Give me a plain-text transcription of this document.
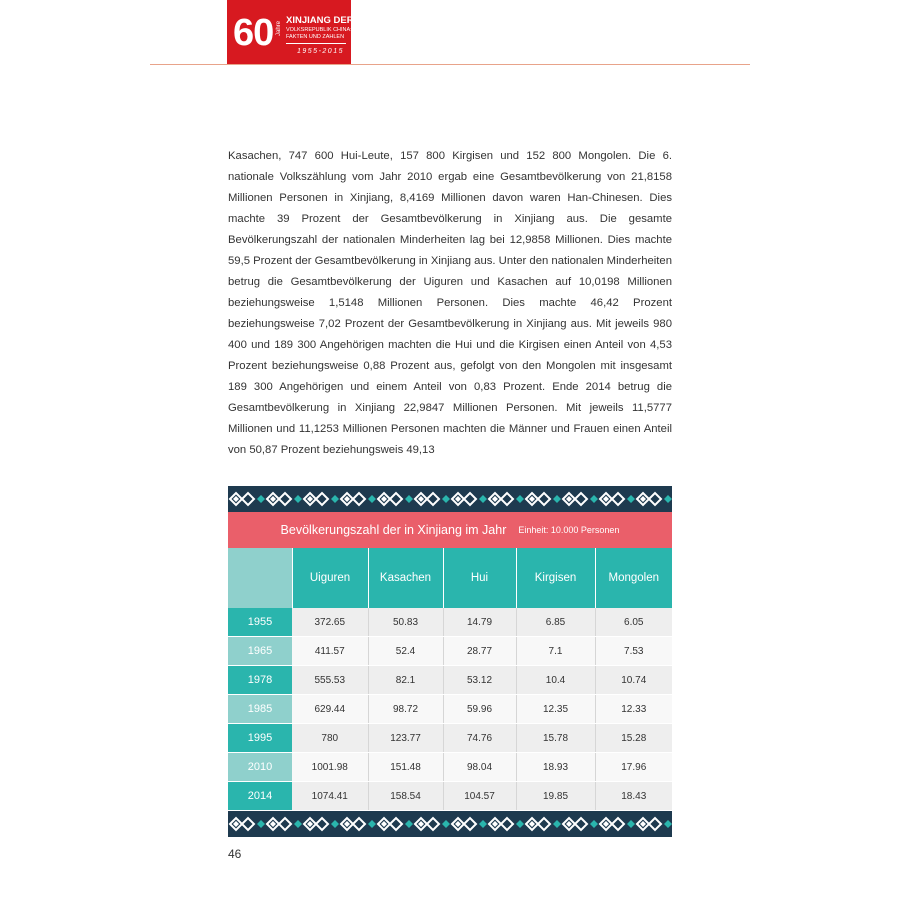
60 Jahre
XINJIANG DER
VOLKSREPUBLIK CHINA:
FAKTEN UND ZAHLEN
1955-2015

Kasachen, 747 600 Hui-Leute, 157 800 Kirgisen und 152 800 Mongolen. Die 6. nationale Volkszählung vom Jahr 2010 ergab eine Gesamtbevölkerung von 21,8158 Millionen Personen in Xinjiang, 8,4169 Millionen davon waren Han-Chinesen. Dies machte 39 Prozent der Gesamtbevölkerung in Xinjiang aus. Die gesamte Bevölkerungszahl der nationalen Minderheiten lag bei 12,9858 Millionen. Dies machte 59,5 Prozent der Gesamtbevölkerung in Xinjiang aus. Unter den nationalen Minderheiten betrug die Gesamtbevölkerung der Uiguren und Kasachen auf 10,0198 Millionen beziehungsweise 1,5148 Millionen Personen. Dies machte 46,42 Prozent beziehungsweise 7,02 Prozent der Gesamtbevölkerung in Xinjiang aus. Mit jeweils 980 400 und 189 300 Angehörigen machten die Hui und die Kirgisen einen Anteil von 4,53 Prozent beziehungsweise 0,88 Prozent aus, gefolgt von den Mongolen mit insgesamt 189 300 Angehörigen und einem Anteil von 0,83 Prozent. Ende 2014 betrug die Gesamtbevölkerung in Xinjiang 22,9847 Millionen Personen. Mit jeweils 11,5777 Millionen und 11,1253 Millionen Personen machten die Männer und Frauen einen Anteil von 50,87 Prozent beziehungsweis 49,13

Bevölkerungszahl der in Xinjiang im Jahr Einheit: 10.000 Personen
	Uiguren	Kasachen	Hui	Kirgisen	Mongolen
1955	372.65	50.83	14.79	6.85	6.05
1965	411.57	52.4	28.77	7.1	7.53
1978	555.53	82.1	53.12	10.4	10.74
1985	629.44	98.72	59.96	12.35	12.33
1995	780	123.77	74.76	15.78	15.28
2010	1001.98	151.48	98.04	18.93	17.96
2014	1074.41	158.54	104.57	19.85	18.43
46
